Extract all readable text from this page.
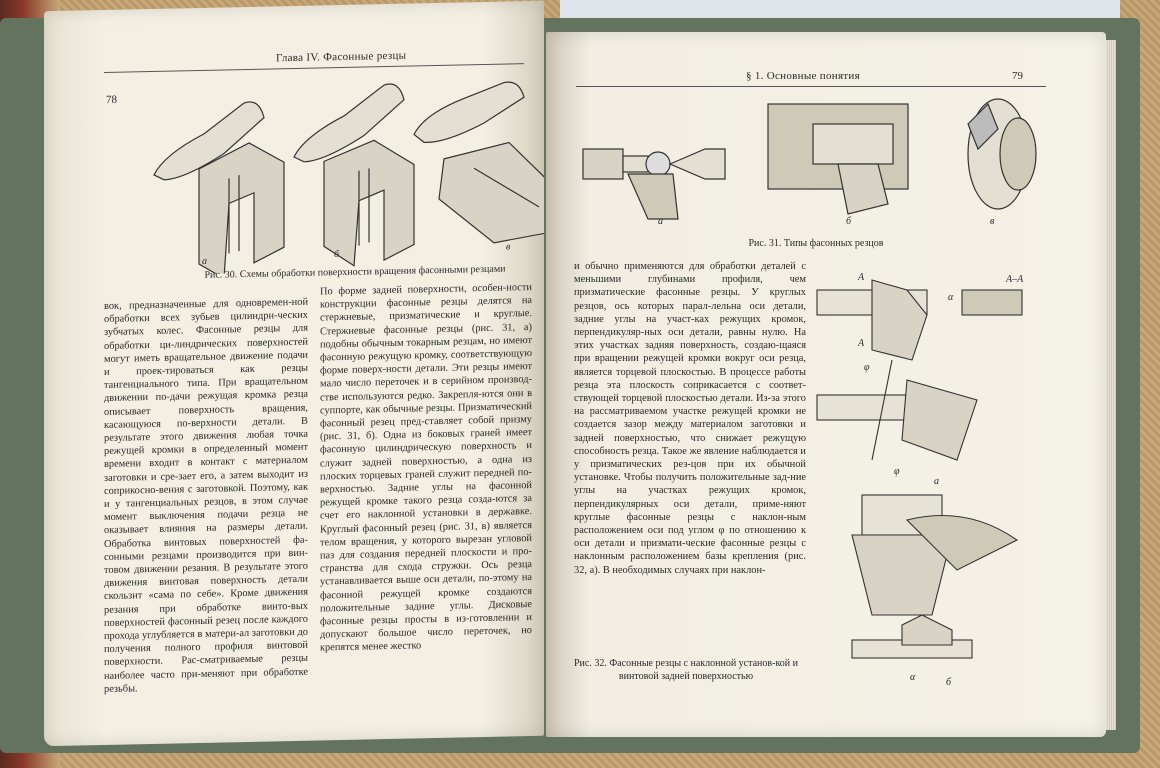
Глава IV. Фасонные резцы
78
а
б
в
Рис. 30. Схемы обработки поверхности вращения фасонными резцами
вок, предназначенные для одновремен-ной обработки всех зубьев цилиндри-ческих зубчатых колес. Фасонные резцы для обработки ци-линдрических поверхностей могут иметь вращательное движение подачи и проек-тироваться как резцы тангенциального типа. При вращательном движении по-дачи режущая кромка резца описывает поверхность вращения, касающуюся по-верхности детали. В результате этого движения любая точка режущей кромки в определенный момент времени входит в контакт с материалом заготовки и сре-зает его, а затем выходит из соприкосно-вения с заготовкой. Поэтому, как и у тангенциальных резцов, в этом случае момент выключения подачи резца не оказывает влияния на размеры детали. Обработка винтовых поверхностей фа-сонными резцами производится при вин-товом движении резания. В результате этого движения винтовая поверхность детали скользит «сама по себе». Кроме движения резания при обработке винто-вых поверхностей фасонный резец после каждого прохода углубляется в матери-ал заготовки до получения полного профиля винтовой поверхности. Рас-сматриваемые резцы наиболее часто при-меняют при обработке резьбы.
По форме задней поверхности, особен-ности конструкции фасонные резцы делятся на стержневые, призматические и круглые. Стержневые фасонные резцы (рис. 31, а) подобны обычным токарным резцам, но имеют фасонную режущую кромку, соответствующую форме поверх-ности детали. Эти резцы имеют мало число переточек и в серийном производ-стве используются редко. Закрепля-ются они в суппорте, как обычные резцы. Призматический фасонный резец пред-ставляет собой призму (рис. 31, б). Одна из боковых граней имеет фасонную цилиндрическую поверхность и служит задней поверхностью, а одна из плоских торцевых граней служит передней по-верхностью. Задние углы на фасонной режущей кромке такого резца созда-ются за счет его наклонной установки в державке. Круглый фасонный резец (рис. 31, в) является телом вращения, у которого вырезан угловой паз для создания передней плоскости и про-странства для схода стружки. Ось резца устанавливается выше оси детали, по-этому на фасонной режущей кромке создаются положительные задние углы. Дисковые фасонные резцы просты в из-готовлении и допускают большое число переточек, но крепятся менее жестко
§ 1. Основные понятия	79
а	б	в
Рис. 31. Типы фасонных резцов
и обычно применяются для обработки деталей с меньшими глубинами профиля, чем призматические фасонные резцы. У круглых резцов, ось которых парал-лельна оси детали, задние углы на участ-ках режущих кромок, перпендикуляр-ных оси детали, равны нулю. На этих участках задняя поверхность, создаю-щаяся при вращении режущей кромки вокруг оси резца, является торцевой плоскостью. В процессе работы резца эта плоскость соприкасается с соответ-ствующей торцевой плоскостью детали. Из-за этого на рассматриваемом участке режущей кромки не создается зазор между материалом заготовки и задней поверхностью, что снижает режущую способность резца. Такое же явление наблюдается и у призматических рез-цов при их обычной установке. Чтобы получить положительные зад-ние углы на участках режущих кромок, перпендикулярных оси детали, приме-няют круглые фасонные резцы с наклон-ным расположением оси под углом φ по отношению к оси детали и призмати-ческие фасонные резцы с наклонным расположением базы крепления (рис. 32, а). В необходимых случаях при наклон-
А
А
А–А
α
φ
φ
а
α	б
Рис. 32. Фасонные резцы с наклонной установ-кой и винтовой задней поверхностью
